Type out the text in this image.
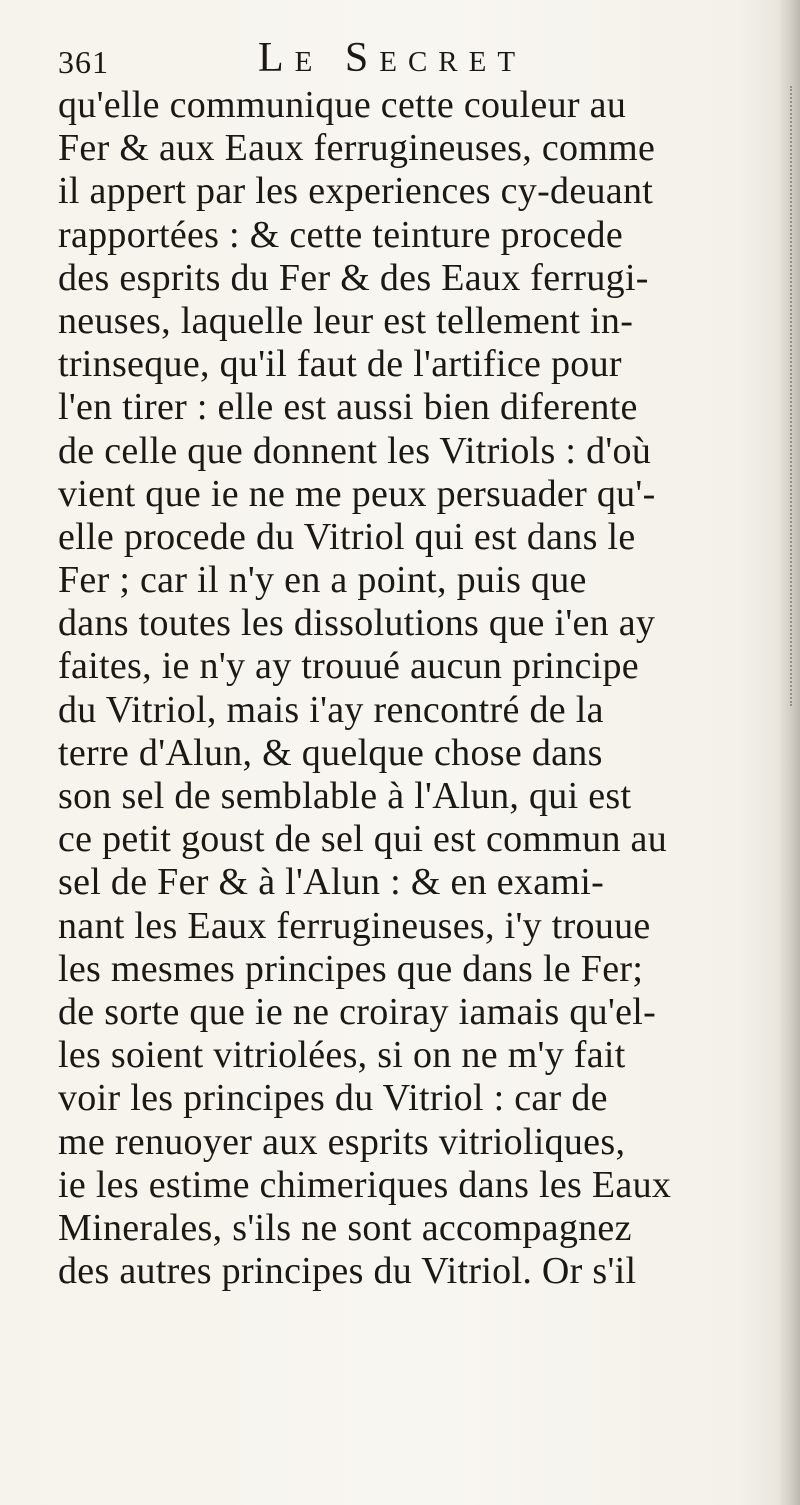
361	Le Secret
qu'elle communique cette couleur au
Fer & aux Eaux ferrugineuses, comme
il appert par les experiences cy-deuant
rapportées : & cette teinture procede
des esprits du Fer & des Eaux ferrugi-
neuses, laquelle leur est tellement in-
trinseque, qu'il faut de l'artifice pour
l'en tirer : elle est aussi bien diferente
de celle que donnent les Vitriols : d'où
vient que ie ne me peux persuader qu'-
elle procede du Vitriol qui est dans le
Fer ; car il n'y en a point, puis que
dans toutes les dissolutions que i'en ay
faites, ie n'y ay trouué aucun principe
du Vitriol, mais i'ay rencontré de la
terre d'Alun, & quelque chose dans
son sel de semblable à l'Alun, qui est
ce petit goust de sel qui est commun au
sel de Fer & à l'Alun : & en exami-
nant les Eaux ferrugineuses, i'y trouue
les mesmes principes que dans le Fer;
de sorte que ie ne croiray iamais qu'el-
les soient vitriolées, si on ne m'y fait
voir les principes du Vitriol : car de
me renuoyer aux esprits vitrioliques,
ie les estime chimeriques dans les Eaux
Minerales, s'ils ne sont accompagnez
des autres principes du Vitriol. Or s'il
